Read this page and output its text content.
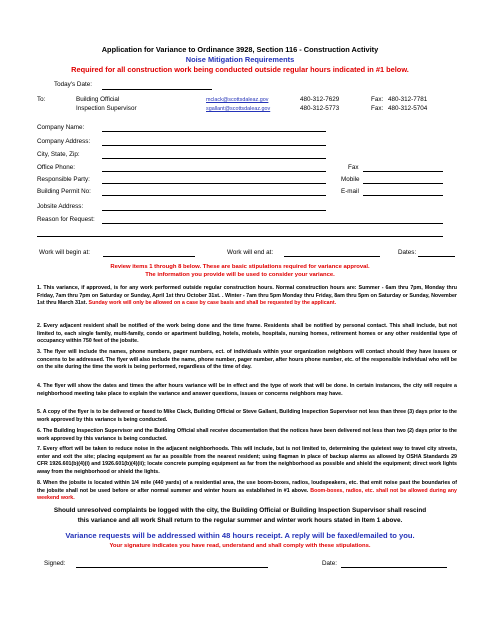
Application for Variance to Ordinance 3928, Section 116 - Construction Activity
Noise Mitigation Requirements
Required for all construction work being conducted outside regular hours indicated in #1 below.
Today's Date:
To:	Building Official	mclack@scottsdaleaz.gov	480-312-7629	Fax: 480-312-7781
Inspection Supervisor	sgallant@scottsdaleaz.gov	480-312-5773	Fax: 480-312-5704
Company Name:
Company Address:
City, State, Zip:
Office Phone:	Fax
Responsible Party:	Mobile
Building Permit No:	E-mail
Jobsite Address:
Reason for Request:
Work will begin at:	Work will end at:	Dates:
Review items 1 through 8 below. These are basic stipulations required for variance approval.
The information you provide will be used to consider your variance.
1. This variance, if approved, is for any work performed outside regular construction hours. Normal construction hours are: Summer - 6am thru 7pm, Monday thru Friday, 7am thru 7pm on Saturday or Sunday, April 1st thru October 31st. . Winter - 7am thru 5pm Monday thru Friday, 8am thru 5pm on Saturday or Sunday, November 1st thru March 31st. Sunday work will only be allowed on a case by case basis and shall be requested by the applicant.
2. Every adjacent resident shall be notified of the work being done and the time frame. Residents shall be notified by personal contact. This shall include, but not limited to, each single family, multi-family, condo or apartment building, hotels, motels, hospitals, nursing homes, retirement homes or any other residential type of occupancy within 750 feet of the jobsite.
3. The flyer will include the names, phone numbers, pager numbers, ect. of individuals within your organization neighbors will contact should they have issues or concerns to be addressed. The flyer will also include the name, phone number, pager number, after hours phone number, etc. of the responsible individual who will be on the site during the time the work is being performed, regardless of the time of day.
4. The flyer will show the dates and times the after hours variance will be in effect and the type of work that will be done. In certain instances, the city will require a neighborhood meeting take place to explain the variance and answer questions, issues or concerns neighbors may have.
5. A copy of the flyer is to be delivered or faxed to Mike Clack, Building Official or Steve Gallant, Building Inspection Supervisor not less than three (3) days prior to the work approved by this variance is being conducted.
6. The Building Inspection Supervisor and the Building Official shall receive documentation that the notices have been delivered not less than two (2) days prior to the work approved by this variance is being conducted.
7. Every effort will be taken to reduce noise in the adjacent neighborhoods. This will include, but is not limited to, determining the quietest way to travel city streets, enter and exit the site; placing equipment as far as possible from the nearest resident; using flagman in place of backup alarms as allowed by OSHA Standards 29 CFR 1926.601(b)(4)(i) and 1926.601(b)(4)(ii); locate concrete pumping equipment as far from the neighborhood as possible and shield the equipment; direct work lights away from the neighborhood or shield the lights.
8. When the jobsite is located within 1/4 mile (440 yards) of a residential area, the use boom-boxes, radios, loudspeakers, etc. that emit noise past the boundaries of the jobsite shall not be used before or after normal summer and winter hours as established in #1 above. Boom-boxes, radios, etc. shall not be allowed during any weekend work.
Should unresolved complaints be logged with the city, the Building Official or Building Inspection Supervisor shall rescind
this variance and all work Shall return to the regular summer and winter work hours stated in Item 1 above.
Variance requests will be addressed within 48 hours receipt. A reply will be faxed/emailed to you.
Your signature indicates you have read, understand and shall comply with these stipulations.
Signed:	Date:
